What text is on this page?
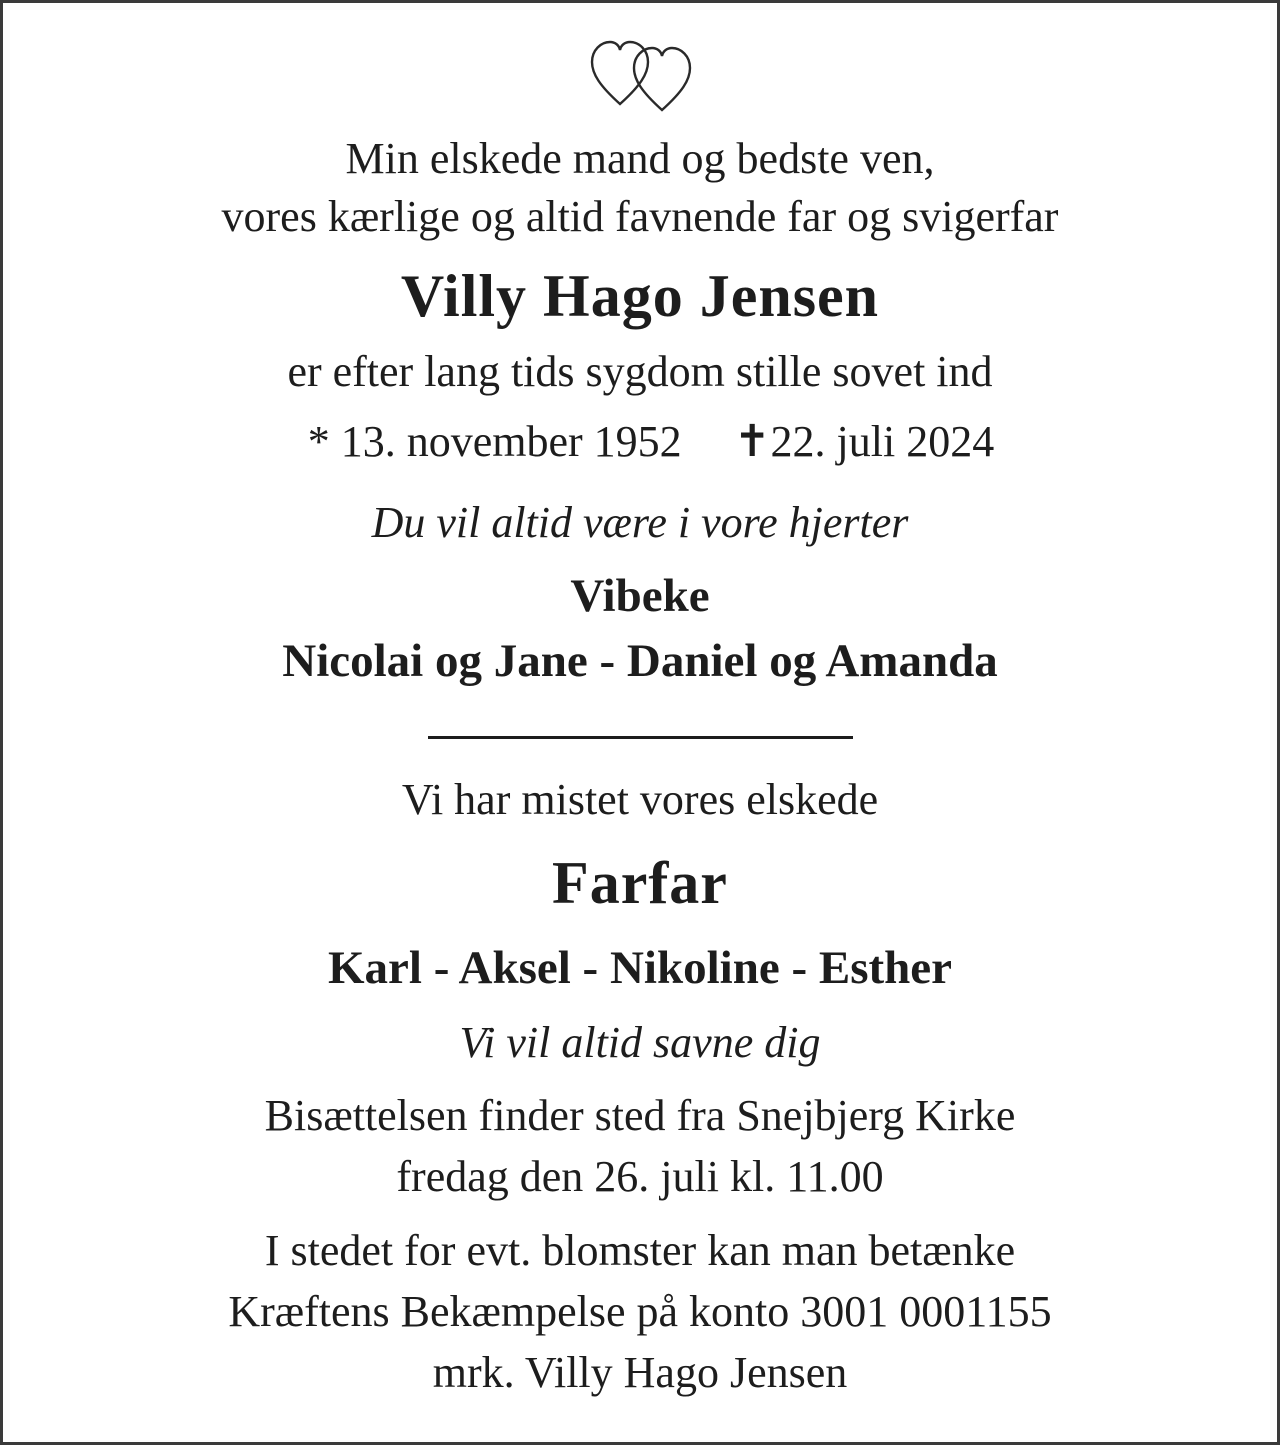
Min elskede mand og bedste ven,
vores kærlige og altid favnende far og svigerfar
Villy Hago Jensen
er efter lang tids sygdom stille sovet ind
* 13. november 1952 ✝22. juli 2024
Du vil altid være i vore hjerter
Vibeke
Nicolai og Jane - Daniel og Amanda
Vi har mistet vores elskede
Farfar
Karl - Aksel - Nikoline - Esther
Vi vil altid savne dig
Bisættelsen finder sted fra Snejbjerg Kirke
fredag den 26. juli kl. 11.00
I stedet for evt. blomster kan man betænke
Kræftens Bekæmpelse på konto 3001 0001155
mrk. Villy Hago Jensen
